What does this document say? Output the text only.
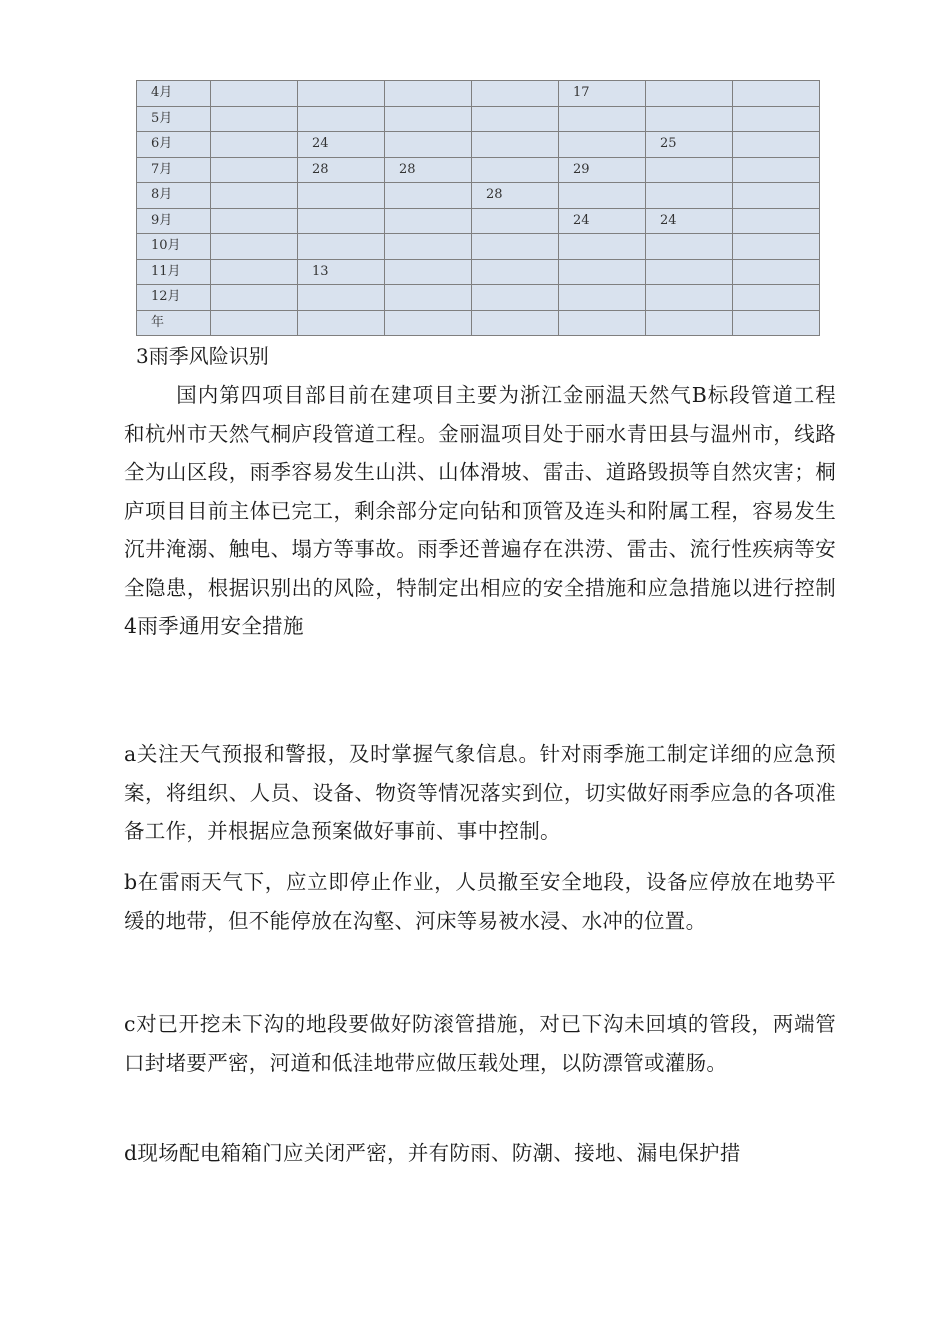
4月					17		
5月							
6月		24				25	
7月		28	28		29		
8月				28			
9月					24	24	
10月							
11月		13					
12月							
年							
3雨季风险识别

国内第四项目部目前在建项目主要为浙江金丽温天然气B标段管道工程和杭州市天然气桐庐段管道工程。金丽温项目处于丽水青田县与温州市，线路全为山区段，雨季容易发生山洪、山体滑坡、雷击、道路毁损等自然灾害；桐庐项目目前主体已完工，剩余部分定向钻和顶管及连头和附属工程，容易发生沉井淹溺、触电、塌方等事故。雨季还普遍存在洪涝、雷击、流行性疾病等安全隐患，根据识别出的风险，特制定出相应的安全措施和应急措施以进行控制4雨季通用安全措施

a关注天气预报和警报，及时掌握气象信息。针对雨季施工制定详细的应急预案，将组织、人员、设备、物资等情况落实到位，切实做好雨季应急的各项准备工作，并根据应急预案做好事前、事中控制。

b在雷雨天气下，应立即停止作业，人员撤至安全地段，设备应停放在地势平缓的地带，但不能停放在沟壑、河床等易被水浸、水冲的位置。

c对已开挖未下沟的地段要做好防滚管措施，对已下沟未回填的管段，两端管口封堵要严密，河道和低洼地带应做压载处理，以防漂管或灌肠。

d现场配电箱箱门应关闭严密，并有防雨、防潮、接地、漏电保护措
